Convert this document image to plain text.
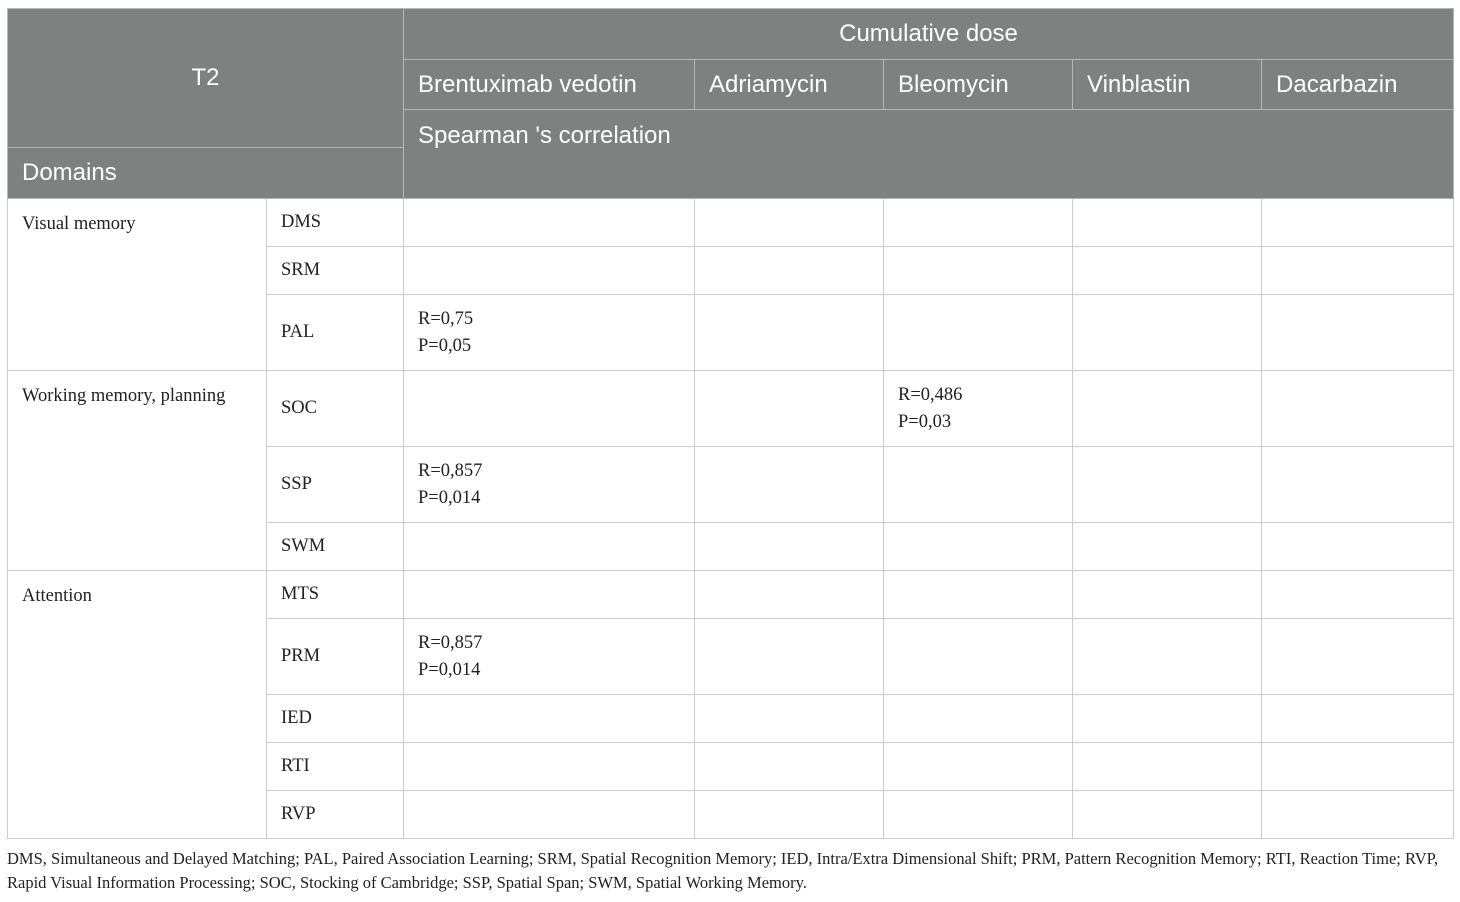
T2		Cumulative dose				
		Brentuximab vedotin	Adriamycin	Bleomycin	Vinblastin	Dacarbazin
		Spearman 's correlation				
Domains						
Visual memory	DMS					
	SRM					
	PAL	R=0,75
P=0,05				

Working memory, planning	SOC			R=0,486
P=0,03		

	SSP	R=0,857
P=0,014				

	SWM					
Attention	MTS					
	PRM	R=0,857
P=0,014				

	IED					
	RTI					
	RVP					
DMS, Simultaneous and Delayed Matching; PAL, Paired Association Learning; SRM, Spatial Recognition Memory; IED, Intra/Extra Dimensional Shift; PRM, Pattern Recognition Memory; RTI, Reaction Time; RVP, Rapid Visual Information Processing; SOC, Stocking of Cambridge; SSP, Spatial Span; SWM, Spatial Working Memory.
